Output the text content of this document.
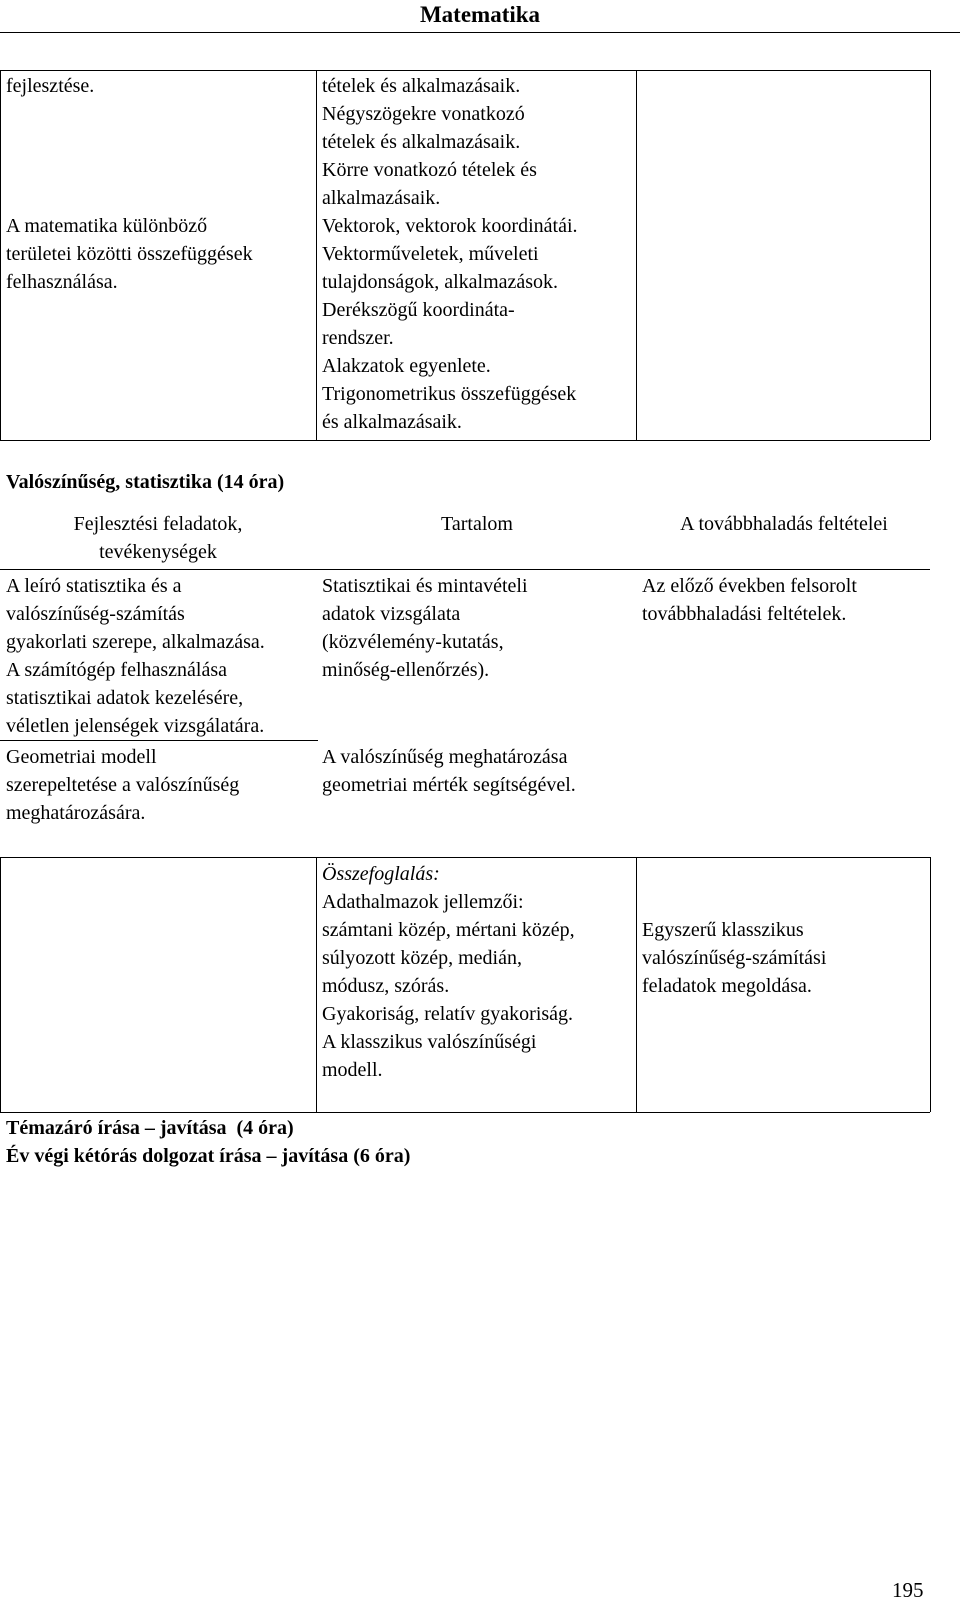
Matematika
fejlesztése.
A matematika különböző
területei közötti összefüggések
felhasználása.
tételek és alkalmazásaik.
Négyszögekre vonatkozó
tételek és alkalmazásaik.
Körre vonatkozó tételek és
alkalmazásaik.
Vektorok, vektorok koordinátái.
Vektorműveletek, műveleti
tulajdonságok, alkalmazások.
Derékszögű koordináta-
rendszer.
Alakzatok egyenlete.
Trigonometrikus összefüggések
és alkalmazásaik.
Valószínűség, statisztika (14 óra)
Fejlesztési feladatok,
tevékenységek
Tartalom	A továbbhaladás feltételei
A leíró statisztika és a
valószínűség-számítás
gyakorlati szerepe, alkalmazása.
A számítógép felhasználása
statisztikai adatok kezelésére,
véletlen jelenségek vizsgálatára.
Statisztikai és mintavételi
adatok vizsgálata
(közvélemény-kutatás,
minőség-ellenőrzés).
Az előző években felsorolt
továbbhaladási feltételek.
Geometriai modell
szerepeltetése a valószínűség
meghatározására.
A valószínűség meghatározása
geometriai mérték segítségével.
Összefoglalás:
Adathalmazok jellemzői:
számtani közép, mértani közép,
súlyozott közép, medián,
módusz, szórás.
Gyakoriság, relatív gyakoriság.
A klasszikus valószínűségi
modell.
Egyszerű klasszikus
valószínűség-számítási
feladatok megoldása.
Témazáró írása – javítása  (4 óra)
Év végi kétórás dolgozat írása – javítása (6 óra)
195
